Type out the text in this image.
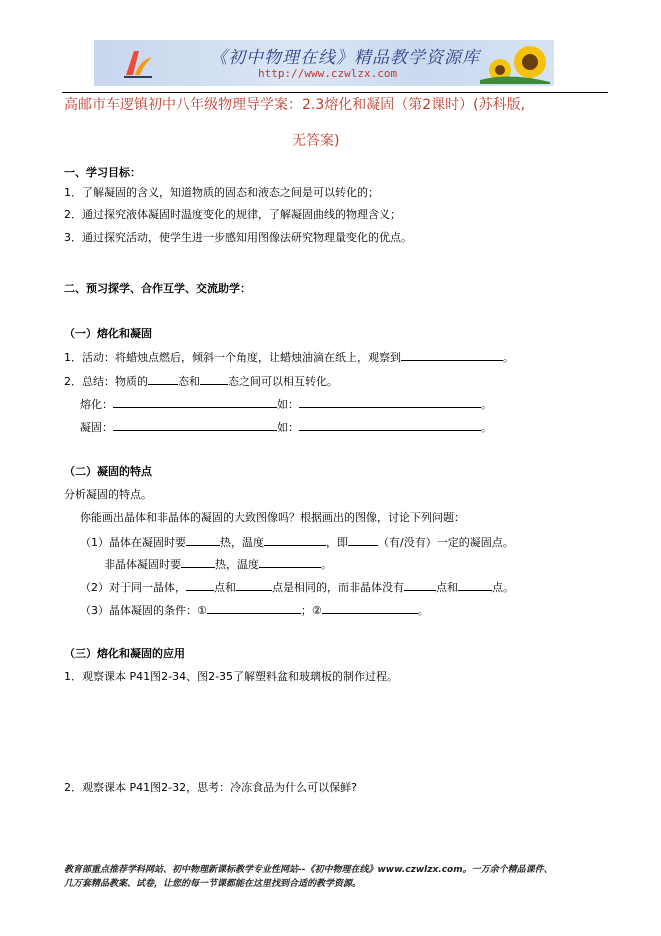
《初中物理在线》精品教学资源库
http://www.czwlzx.com
高邮市车逻镇初中八年级物理导学案：2.3熔化和凝固（第2课时）(苏科版,
无答案)
一、学习目标：
1．了解凝固的含义，知道物质的固态和液态之间是可以转化的；
2．通过探究液体凝固时温度变化的规律，了解凝固曲线的物理含义；
3．通过探究活动，使学生进一步感知用图像法研究物理量变化的优点。
二、预习探学、合作互学、交流助学：
（一）熔化和凝固
1．活动：将蜡烛点燃后，倾斜一个角度，让蜡烛油滴在纸上，观察到	。
2．总结：物质的	态和	态之间可以相互转化。
熔化：	如：	。
凝固：	如：	。
（二）凝固的特点
分析凝固的特点。
你能画出晶体和非晶体的凝固的大致图像吗？根据画出的图像，讨论下列问题：
（1）晶体在凝固时要	热，温度	，即	（有/没有）一定的凝固点。
非晶体凝固时要	热，温度	。
（2）对于同一晶体，	点和	点是相同的，而非晶体没有	点和	点。
（3）晶体凝固的条件：①	；②	。
（三）熔化和凝固的应用
1．观察课本 P41图2-34、图2-35了解塑料盆和玻璃板的制作过程。
2．观察课本 P41图2-32，思考：冷冻食品为什么可以保鲜?
教育部重点推荐学科网站、初中物理新课标教学专业性网站--《初中物理在线》www.czwlzx.com。一万余个精品课件、
几万套精品教案、试卷，让您的每一节课都能在这里找到合适的教学资源。
